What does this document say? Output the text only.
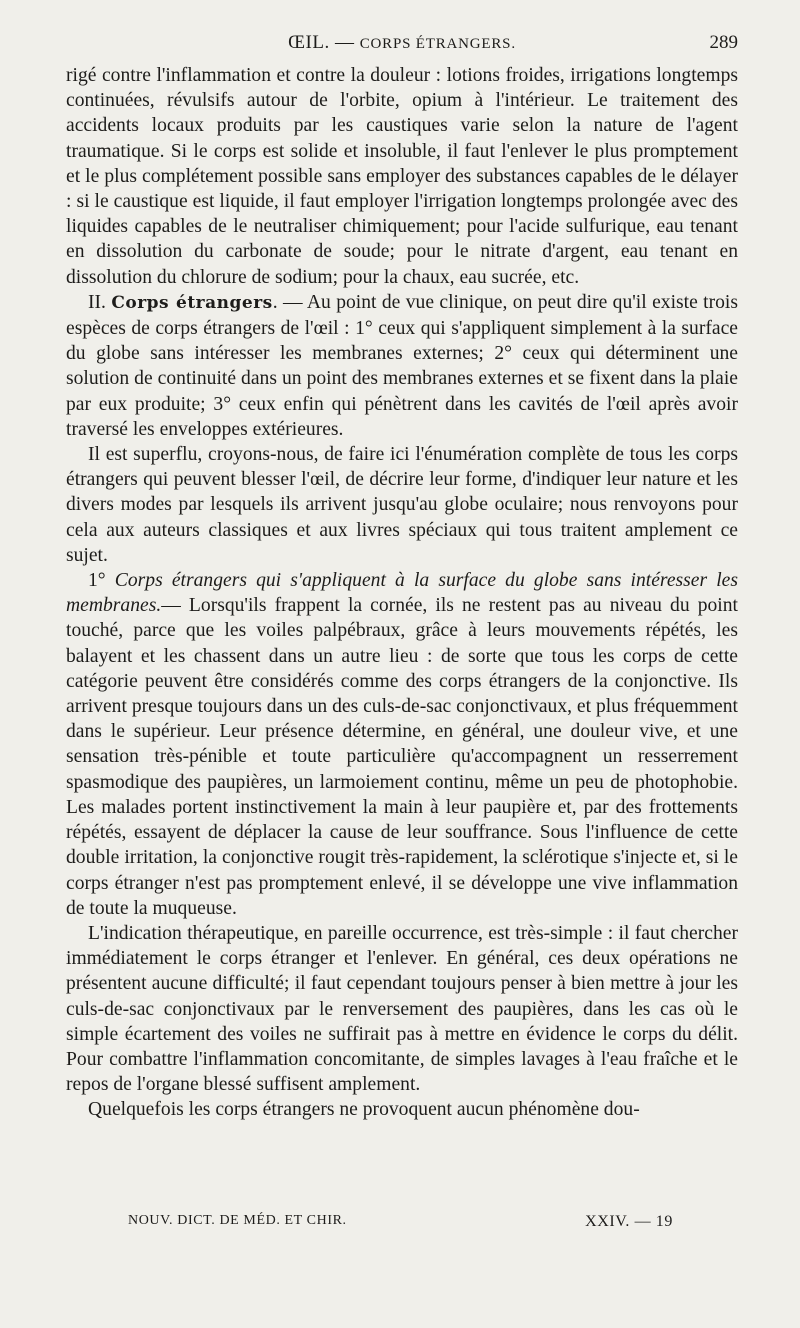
ŒIL. — CORPS ÉTRANGERS.	289

rigé contre l'inflammation et contre la douleur : lotions froides, irrigations longtemps continuées, révulsifs autour de l'orbite, opium à l'intérieur. Le traitement des accidents locaux produits par les caustiques varie selon la nature de l'agent traumatique. Si le corps est solide et insoluble, il faut l'enlever le plus promptement et le plus complétement possible sans employer des substances capables de le délayer : si le caustique est liquide, il faut employer l'irrigation longtemps prolongée avec des liquides capables de le neutraliser chimiquement; pour l'acide sulfurique, eau tenant en dissolution du carbonate de soude; pour le nitrate d'argent, eau tenant en dissolution du chlorure de sodium; pour la chaux, eau sucrée, etc.

II. Corps étrangers. — Au point de vue clinique, on peut dire qu'il existe trois espèces de corps étrangers de l'œil : 1° ceux qui s'appliquent simplement à la surface du globe sans intéresser les membranes externes; 2° ceux qui déterminent une solution de continuité dans un point des membranes externes et se fixent dans la plaie par eux produite; 3° ceux enfin qui pénètrent dans les cavités de l'œil après avoir traversé les enveloppes extérieures.

Il est superflu, croyons-nous, de faire ici l'énumération complète de tous les corps étrangers qui peuvent blesser l'œil, de décrire leur forme, d'indiquer leur nature et les divers modes par lesquels ils arrivent jusqu'au globe oculaire; nous renvoyons pour cela aux auteurs classiques et aux livres spéciaux qui tous traitent amplement ce sujet.

1° Corps étrangers qui s'appliquent à la surface du globe sans intéresser les membranes.— Lorsqu'ils frappent la cornée, ils ne restent pas au niveau du point touché, parce que les voiles palpébraux, grâce à leurs mouvements répétés, les balayent et les chassent dans un autre lieu : de sorte que tous les corps de cette catégorie peuvent être considérés comme des corps étrangers de la conjonctive. Ils arrivent presque toujours dans un des culs-de-sac conjonctivaux, et plus fréquemment dans le supérieur. Leur présence détermine, en général, une douleur vive, et une sensation très-pénible et toute particulière qu'accompagnent un resserrement spasmodique des paupières, un larmoiement continu, même un peu de photophobie. Les malades portent instinctivement la main à leur paupière et, par des frottements répétés, essayent de déplacer la cause de leur souffrance. Sous l'influence de cette double irritation, la conjonctive rougit très-rapidement, la sclérotique s'injecte et, si le corps étranger n'est pas promptement enlevé, il se développe une vive inflammation de toute la muqueuse.

L'indication thérapeutique, en pareille occurrence, est très-simple : il faut chercher immédiatement le corps étranger et l'enlever. En général, ces deux opérations ne présentent aucune difficulté; il faut cependant toujours penser à bien mettre à jour les culs-de-sac conjonctivaux par le renversement des paupières, dans les cas où le simple écartement des voiles ne suffirait pas à mettre en évidence le corps du délit. Pour combattre l'inflammation concomitante, de simples lavages à l'eau fraîche et le repos de l'organe blessé suffisent amplement.

Quelquefois les corps étrangers ne provoquent aucun phénomène dou-

NOUV. DICT. DE MÉD. ET CHIR.	XXIV. — 19
